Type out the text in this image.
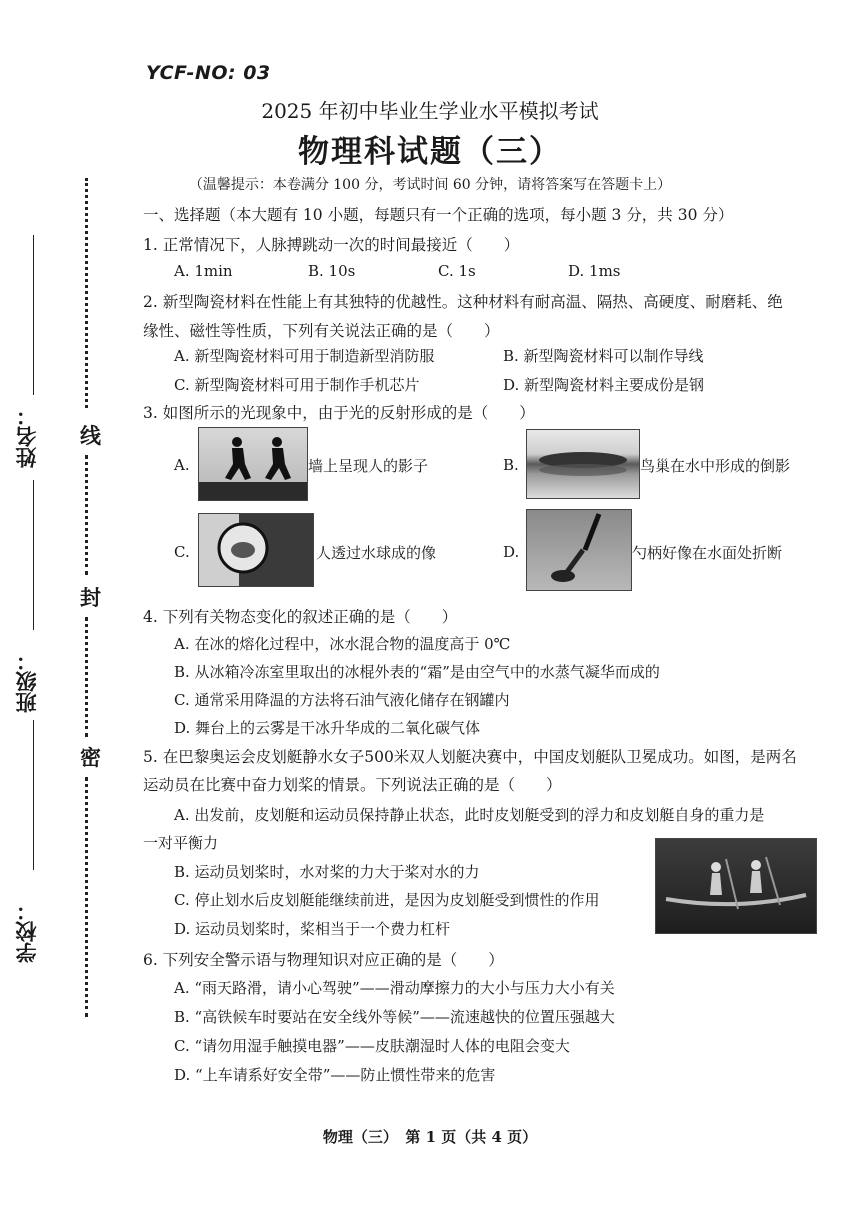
YCF-NO: 03
2025 年初中毕业生学业水平模拟考试
物理科试题（三）
（温馨提示：本卷满分 100 分，考试时间 60 分钟，请将答案写在答题卡上）
线
封
密
姓名：
班级：
学校：
一、选择题（本大题有 10 小题，每题只有一个正确的选项，每小题 3 分，共 30 分）
1. 正常情况下，人脉搏跳动一次的时间最接近（　　）
A. 1min	B. 10s	C. 1s	D. 1ms
2. 新型陶瓷材料在性能上有其独特的优越性。这种材料有耐高温、隔热、高硬度、耐磨耗、绝
缘性、磁性等性质，下列有关说法正确的是（　　）
A. 新型陶瓷材料可用于制造新型消防服	B. 新型陶瓷材料可以制作导线
C. 新型陶瓷材料可用于制作手机芯片	D. 新型陶瓷材料主要成份是钢
3. 如图所示的光现象中，由于光的反射形成的是（　　）
A.	墙上呈现人的影子	B.	鸟巢在水中形成的倒影
C.	人透过水球成的像	D.	勺柄好像在水面处折断
4. 下列有关物态变化的叙述正确的是（　　）
A. 在冰的熔化过程中，冰水混合物的温度高于 0℃
B. 从冰箱冷冻室里取出的冰棍外表的“霜”是由空气中的水蒸气凝华而成的
C. 通常采用降温的方法将石油气液化储存在钢罐内
D. 舞台上的云雾是干冰升华成的二氧化碳气体
5. 在巴黎奥运会皮划艇静水女子500米双人划艇决赛中，中国皮划艇队卫冕成功。如图，是两名
运动员在比赛中奋力划桨的情景。下列说法正确的是（　　）
A. 出发前，皮划艇和运动员保持静止状态，此时皮划艇受到的浮力和皮划艇自身的重力是
一对平衡力
B. 运动员划桨时，水对桨的力大于桨对水的力
C. 停止划水后皮划艇能继续前进，是因为皮划艇受到惯性的作用
D. 运动员划桨时，桨相当于一个费力杠杆
6. 下列安全警示语与物理知识对应正确的是（　　）
A. “雨天路滑，请小心驾驶”——滑动摩擦力的大小与压力大小有关
B. “高铁候车时要站在安全线外等候”——流速越快的位置压强越大
C. “请勿用湿手触摸电器”——皮肤潮湿时人体的电阻会变大
D. “上车请系好安全带”——防止惯性带来的危害
物理（三）　第 1 页（共 4 页）
